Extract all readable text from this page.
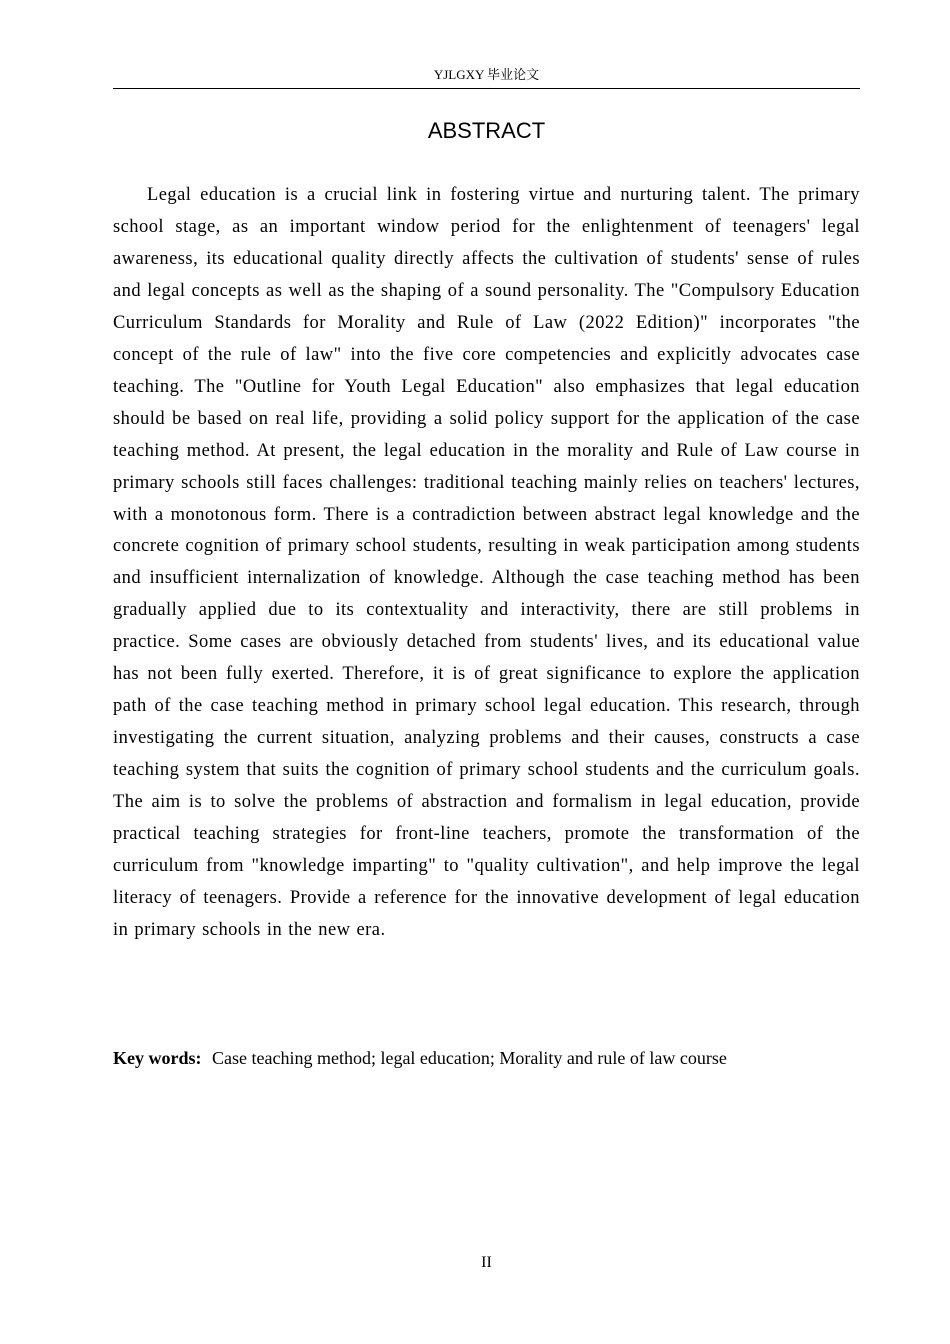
YJLGXY 毕业论文
ABSTRACT

Legal education is a crucial link in fostering virtue and nurturing talent. The primary school stage, as an important window period for the enlightenment of teenagers' legal awareness, its educational quality directly affects the cultivation of students' sense of rules and legal concepts as well as the shaping of a sound personality. The "Compulsory Education Curriculum Standards for Morality and Rule of Law (2022 Edition)" incorporates "the concept of the rule of law" into the five core competencies and explicitly advocates case teaching. The "Outline for Youth Legal Education" also emphasizes that legal education should be based on real life, providing a solid policy support for the application of the case teaching method. At present, the legal education in the morality and Rule of Law course in primary schools still faces challenges: traditional teaching mainly relies on teachers' lectures, with a monotonous form. There is a contradiction between abstract legal knowledge and the concrete cognition of primary school students, resulting in weak participation among students and insufficient internalization of knowledge. Although the case teaching method has been gradually applied due to its contextuality and interactivity, there are still problems in practice. Some cases are obviously detached from students' lives, and its educational value has not been fully exerted. Therefore, it is of great significance to explore the application path of the case teaching method in primary school legal education. This research, through investigating the current situation, analyzing problems and their causes, constructs a case teaching system that suits the cognition of primary school students and the curriculum goals. The aim is to solve the problems of abstraction and formalism in legal education, provide practical teaching strategies for front-line teachers, promote the transformation of the curriculum from "knowledge imparting" to "quality cultivation", and help improve the legal literacy of teenagers. Provide a reference for the innovative development of legal education in primary schools in the new era.

Key words: Case teaching method; legal education; Morality and rule of law course
II
